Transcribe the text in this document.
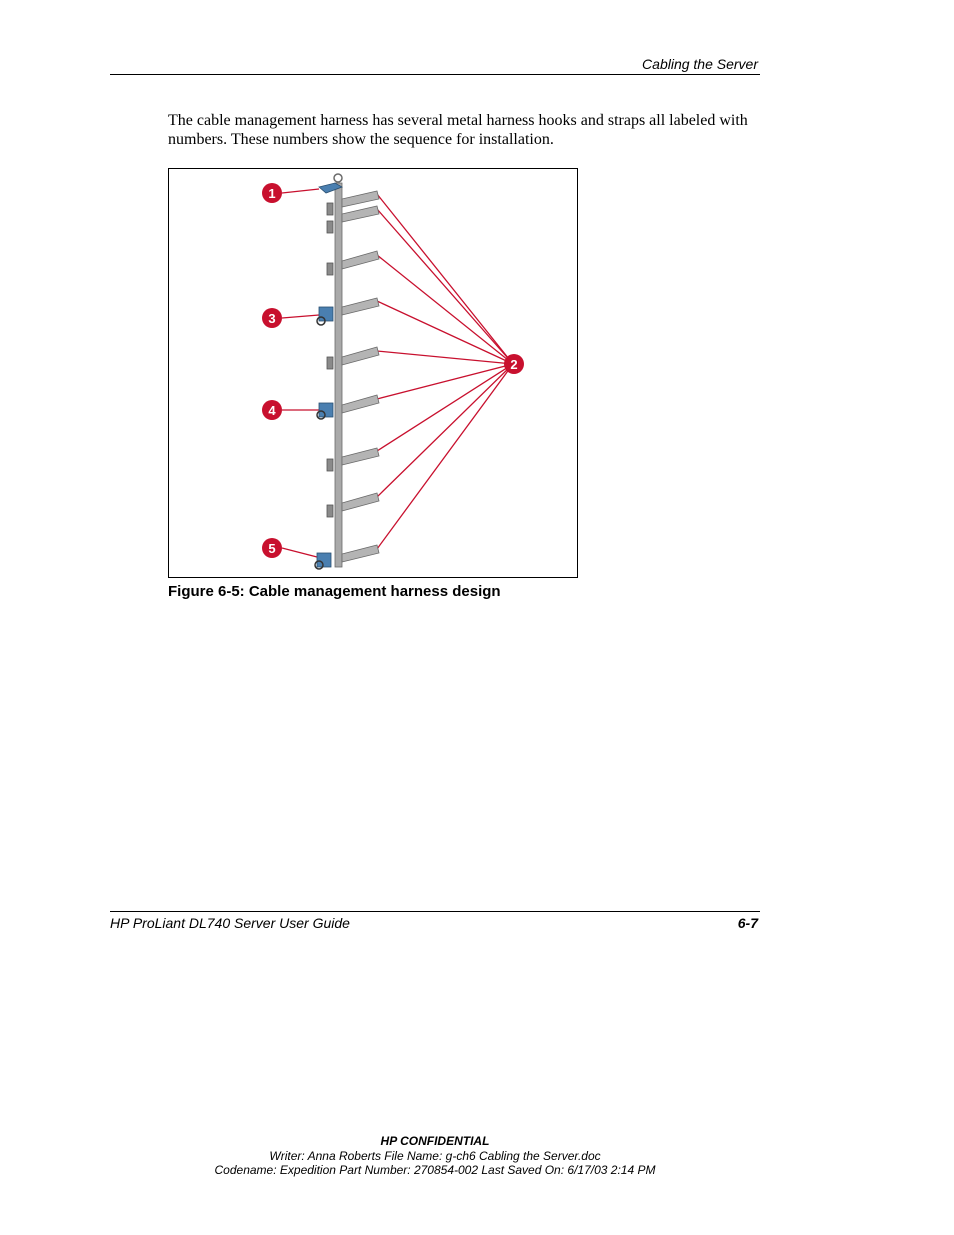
Cabling the Server

The cable management harness has several metal harness hooks and straps all labeled with numbers. These numbers show the sequence for installation.

1
2
3
4
5
Figure 6-5: Cable management harness design
HP ProLiant DL740 Server User Guide	6-7
HP CONFIDENTIAL
Writer: Anna Roberts File Name: g-ch6 Cabling the Server.doc
Codename: Expedition Part Number: 270854-002 Last Saved On: 6/17/03 2:14 PM
